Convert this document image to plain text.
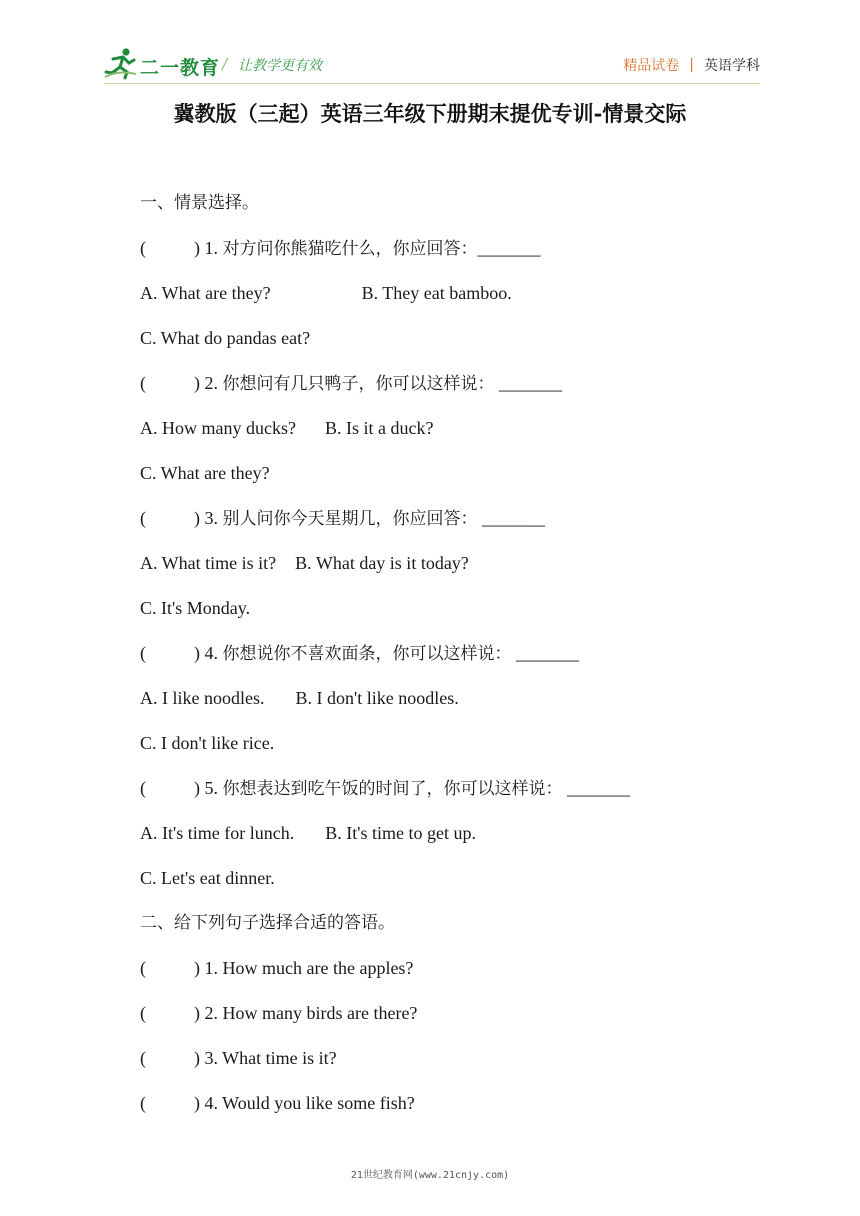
二一教育 / 让教学更有效	精品试卷 | 英语学科
冀教版（三起）英语三年级下册期末提优专训-情景交际
一、情景选择。
(	) 1. 对方问你熊猫吃什么，你应回答：_______
A. What are they?	B. They eat bamboo.
C. What do pandas eat?
(	) 2. 你想问有几只鸭子，你可以这样说： _______
A. How many ducks? B. Is it a duck?
C. What are they?
(	) 3. 别人问你今天星期几，你应回答： _______
A. What time is it? B. What day is it today?
C. It's Monday.
(	) 4. 你想说你不喜欢面条，你可以这样说： _______
A. I like noodles. B. I don't like noodles.
C. I don't like rice.
(	) 5. 你想表达到吃午饭的时间了，你可以这样说： _______
A. It's time for lunch. B. It's time to get up.
C. Let's eat dinner.
二、给下列句子选择合适的答语。
(	) 1. How much are the apples?
(	) 2. How many birds are there?
(	) 3. What time is it?
(	) 4. Would you like some fish?
21世纪教育网(www.21cnjy.com)
